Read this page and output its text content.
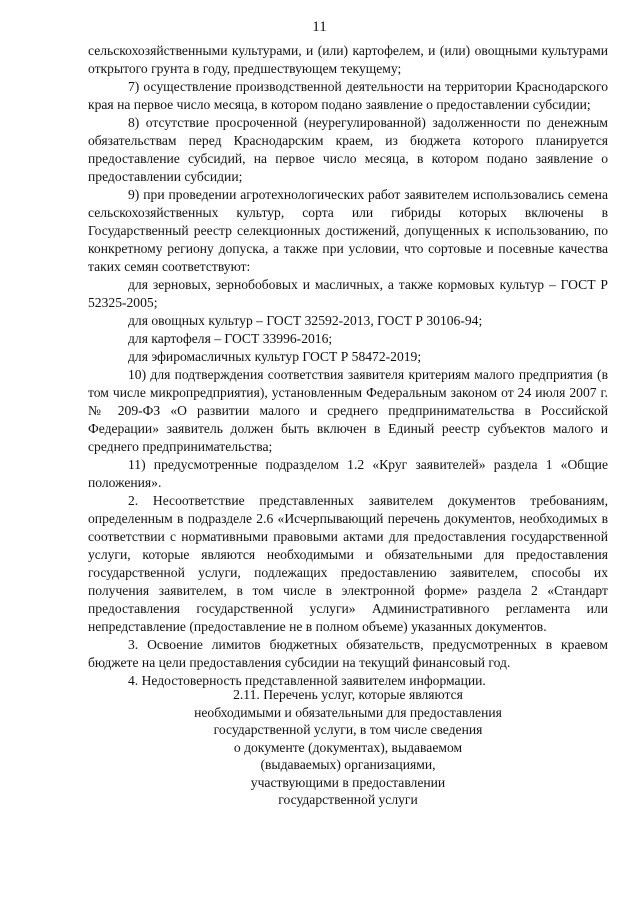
11

сельскохозяйственными культурами, и (или) картофелем, и (или) овощными культурами открытого грунта в году, предшествующем текущему;

7) осуществление производственной деятельности на территории Краснодарского края на первое число месяца, в котором подано заявление о предоставлении субсидии;

8) отсутствие просроченной (неурегулированной) задолженности по денежным обязательствам перед Краснодарским краем, из бюджета которого планируется предоставление субсидий, на первое число месяца, в котором подано заявление о предоставлении субсидии;

9) при проведении агротехнологических работ заявителем использовались семена сельскохозяйственных культур, сорта или гибриды которых включены в Государственный реестр селекционных достижений, допущенных к использованию, по конкретному региону допуска, а также при условии, что сортовые и посевные качества таких семян соответствуют:

для зерновых, зернобобовых и масличных, а также кормовых культур – ГОСТ Р 52325-2005;

для овощных культур – ГОСТ 32592-2013, ГОСТ Р 30106-94;

для картофеля – ГОСТ 33996-2016;

для эфиромасличных культур ГОСТ Р 58472-2019;

10) для подтверждения соответствия заявителя критериям малого предприятия (в том числе микропредприятия), установленным Федеральным законом от 24 июля 2007 г. № 209-ФЗ «О развитии малого и среднего предпринимательства в Российской Федерации» заявитель должен быть включен в Единый реестр субъектов малого и среднего предпринимательства;

11) предусмотренные подразделом 1.2 «Круг заявителей» раздела 1 «Общие положения».

2. Несоответствие представленных заявителем документов требованиям, определенным в подразделе 2.6 «Исчерпывающий перечень документов, необходимых в соответствии с нормативными правовыми актами для предоставления государственной услуги, которые являются необходимыми и обязательными для предоставления государственной услуги, подлежащих предоставлению заявителем, способы их получения заявителем, в том числе в электронной форме» раздела 2 «Стандарт предоставления государственной услуги» Административного регламента или непредставление (предоставление не в полном объеме) указанных документов.

3. Освоение лимитов бюджетных обязательств, предусмотренных в краевом бюджете на цели предоставления субсидии на текущий финансовый год.

4. Недостоверность представленной заявителем информации.

2.11. Перечень услуг, которые являются
необходимыми и обязательными для предоставления
государственной услуги, в том числе сведения
о документе (документах), выдаваемом
(выдаваемых) организациями,
участвующими в предоставлении
государственной услуги
